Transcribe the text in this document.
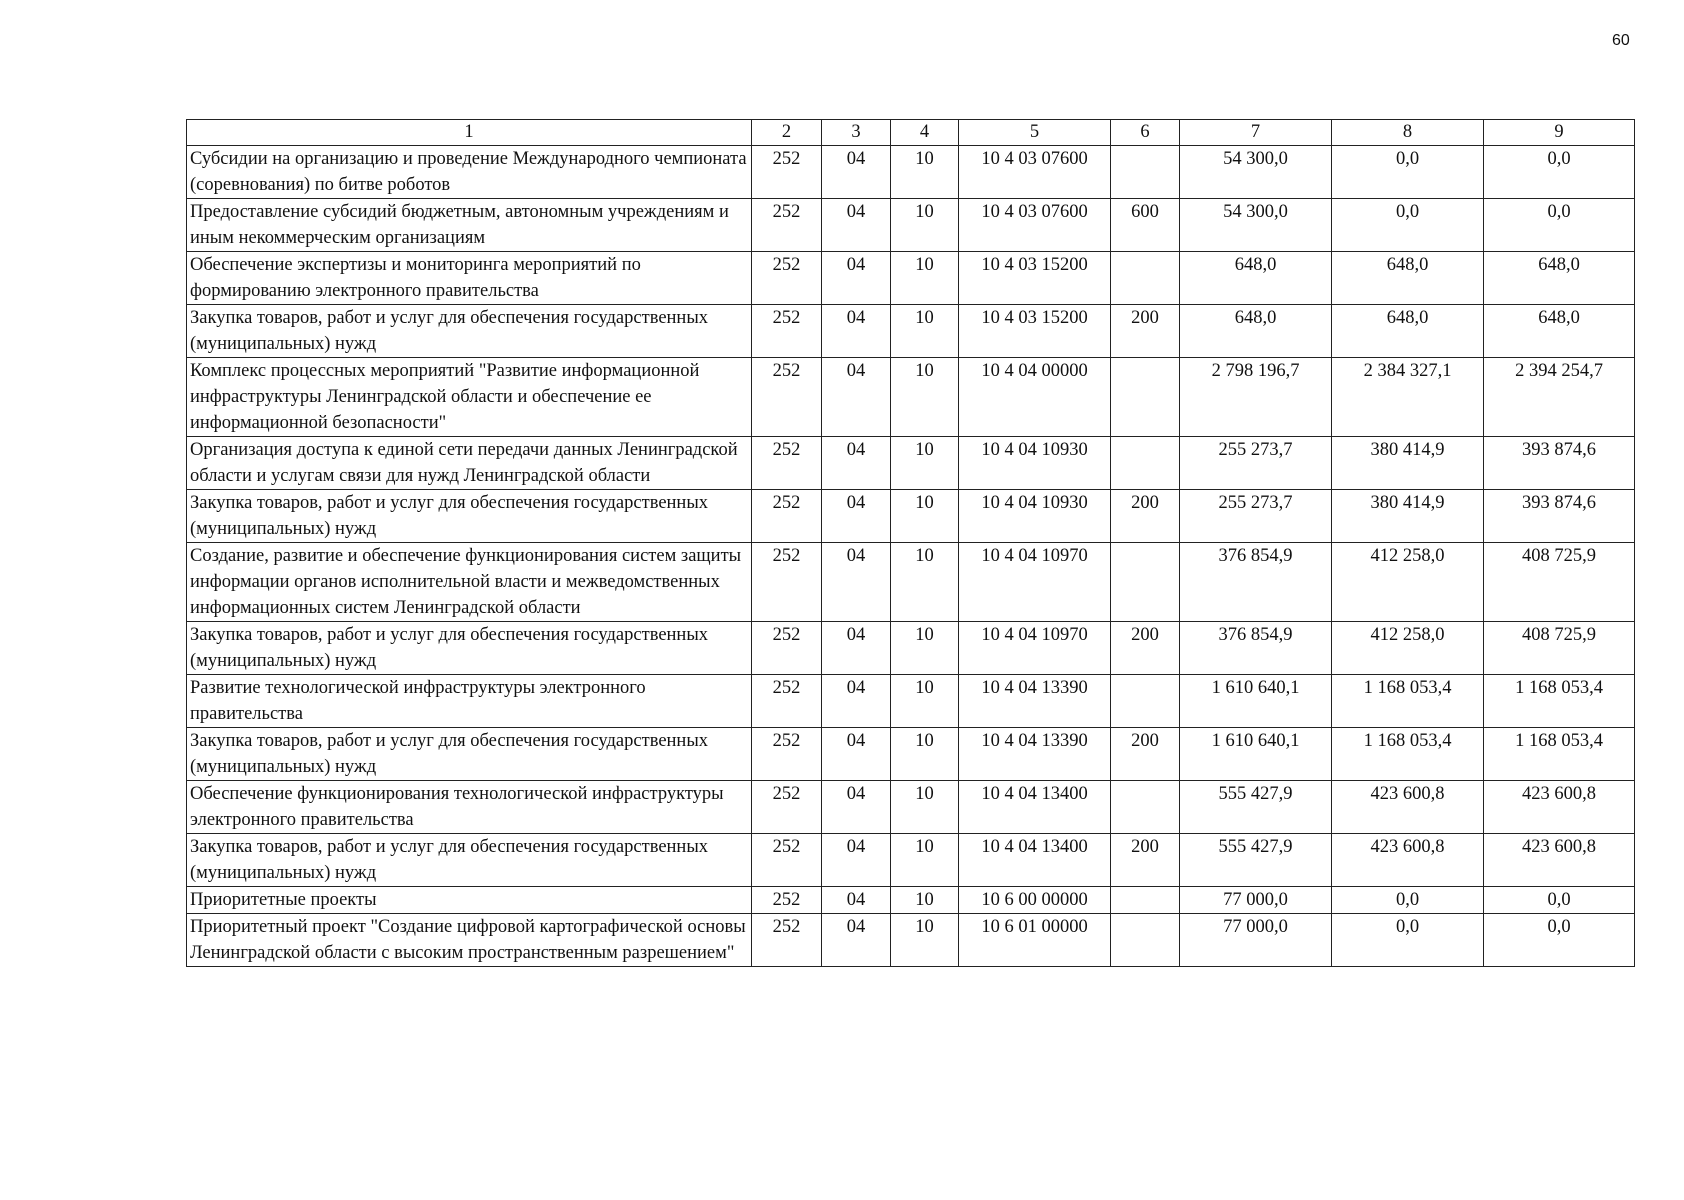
60
1	2	3	4	5	6	7	8	9
Субсидии на организацию и проведение Международного чемпионата (соревнования) по битве роботов	252	04	10	10 4 03 07600		54 300,0	0,0	0,0
Предоставление субсидий бюджетным, автономным учреждениям и иным некоммерческим организациям	252	04	10	10 4 03 07600	600	54 300,0	0,0	0,0
Обеспечение экспертизы и мониторинга мероприятий по формированию электронного правительства	252	04	10	10 4 03 15200		648,0	648,0	648,0
Закупка товаров, работ и услуг для обеспечения государственных (муниципальных) нужд	252	04	10	10 4 03 15200	200	648,0	648,0	648,0
Комплекс процессных мероприятий "Развитие информационной инфраструктуры Ленинградской области и обеспечение ее информационной безопасности"	252	04	10	10 4 04 00000		2 798 196,7	2 384 327,1	2 394 254,7
Организация доступа к единой сети передачи данных Ленинградской области и услугам связи для нужд Ленинградской области	252	04	10	10 4 04 10930		255 273,7	380 414,9	393 874,6
Закупка товаров, работ и услуг для обеспечения государственных (муниципальных) нужд	252	04	10	10 4 04 10930	200	255 273,7	380 414,9	393 874,6
Создание, развитие и обеспечение функционирования систем защиты информации органов исполнительной власти и межведомственных информационных систем Ленинградской области	252	04	10	10 4 04 10970		376 854,9	412 258,0	408 725,9
Закупка товаров, работ и услуг для обеспечения государственных (муниципальных) нужд	252	04	10	10 4 04 10970	200	376 854,9	412 258,0	408 725,9
Развитие технологической инфраструктуры электронного правительства	252	04	10	10 4 04 13390		1 610 640,1	1 168 053,4	1 168 053,4
Закупка товаров, работ и услуг для обеспечения государственных (муниципальных) нужд	252	04	10	10 4 04 13390	200	1 610 640,1	1 168 053,4	1 168 053,4
Обеспечение функционирования технологической инфраструктуры электронного правительства	252	04	10	10 4 04 13400		555 427,9	423 600,8	423 600,8
Закупка товаров, работ и услуг для обеспечения государственных (муниципальных) нужд	252	04	10	10 4 04 13400	200	555 427,9	423 600,8	423 600,8
Приоритетные проекты	252	04	10	10 6 00 00000		77 000,0	0,0	0,0
Приоритетный проект "Создание цифровой картографической основы Ленинградской области с высоким пространственным разрешением"	252	04	10	10 6 01 00000		77 000,0	0,0	0,0
